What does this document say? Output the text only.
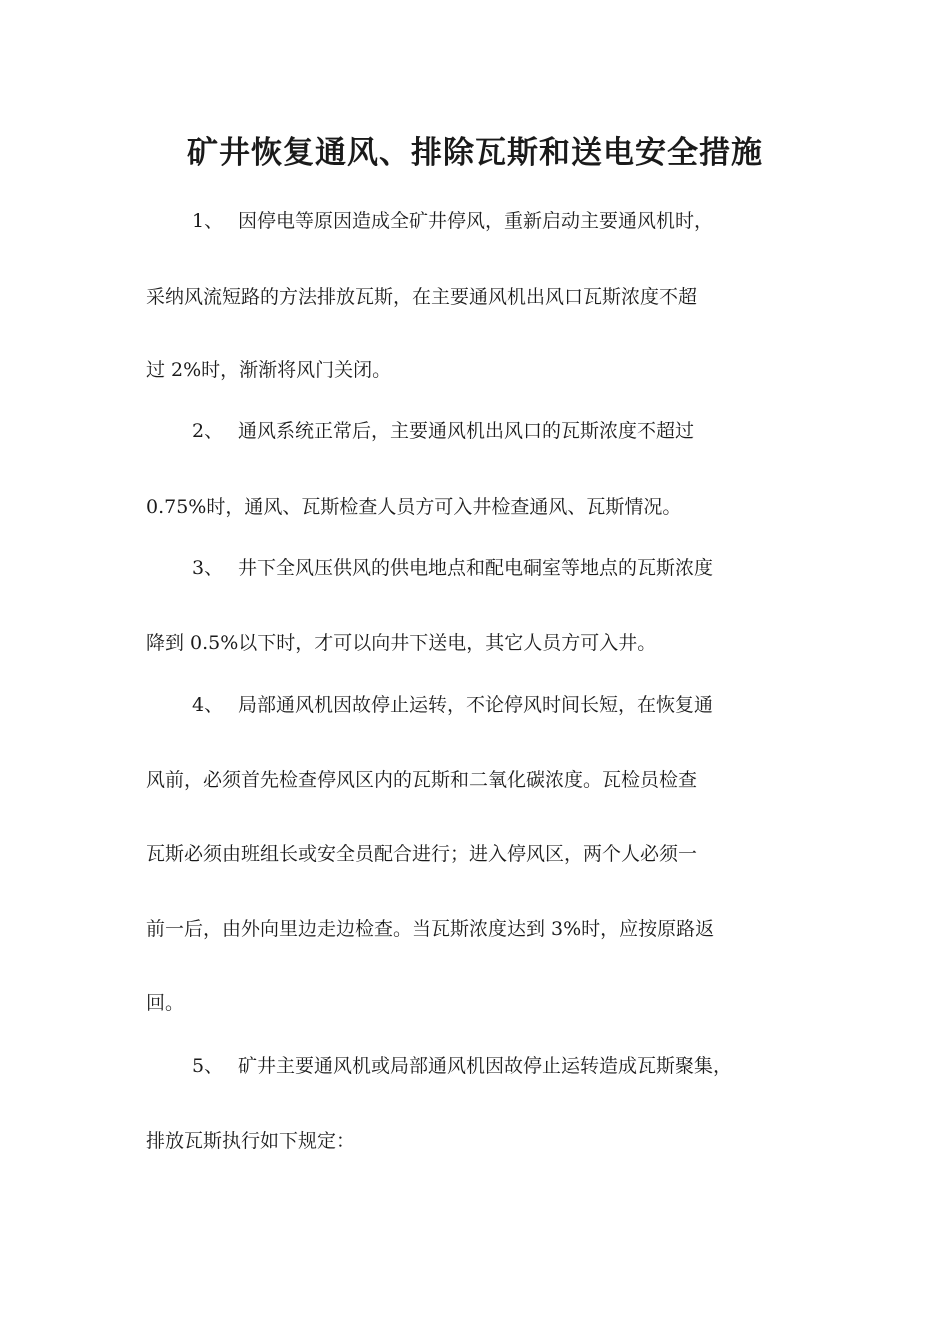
矿井恢复通风、排除瓦斯和送电安全措施
1、 因停电等原因造成全矿井停风，重新启动主要通风机时，
采纳风流短路的方法排放瓦斯，在主要通风机出风口瓦斯浓度不超
过 2%时，渐渐将风门关闭。
2、 通风系统正常后，主要通风机出风口的瓦斯浓度不超过
0.75%时，通风、瓦斯检查人员方可入井检查通风、瓦斯情况。
3、 井下全风压供风的供电地点和配电硐室等地点的瓦斯浓度
降到 0.5%以下时，才可以向井下送电，其它人员方可入井。
4、 局部通风机因故停止运转，不论停风时间长短，在恢复通
风前，必须首先检查停风区内的瓦斯和二氧化碳浓度。瓦检员检查
瓦斯必须由班组长或安全员配合进行；进入停风区，两个人必须一
前一后，由外向里边走边检查。当瓦斯浓度达到 3%时，应按原路返
回。
5、 矿井主要通风机或局部通风机因故停止运转造成瓦斯聚集，
排放瓦斯执行如下规定：
